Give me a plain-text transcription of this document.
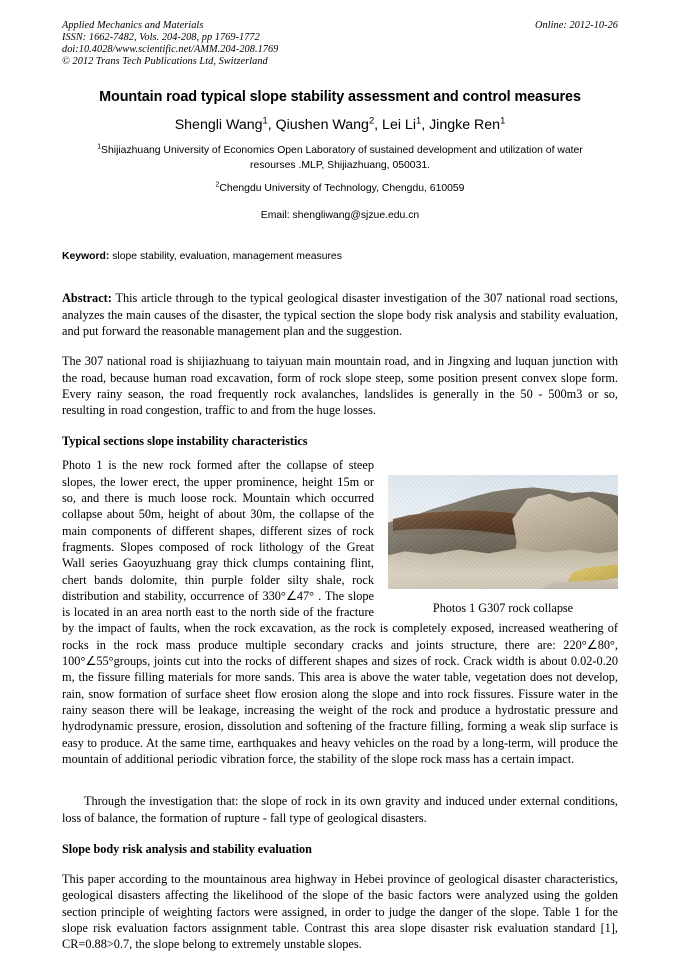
Applied Mechanics and Materials
ISSN: 1662-7482, Vols. 204-208, pp 1769-1772
doi:10.4028/www.scientific.net/AMM.204-208.1769
© 2012 Trans Tech Publications Ltd, Switzerland
Online: 2012-10-26
Mountain road typical slope stability assessment and control measures
Shengli Wang$^1$, Qiushen Wang$^2$, Lei Li$^1$, Jingke Ren$^1$
$^1$Shijiazhuang University of Economics Open Laboratory of sustained development and utilization of water resourses .MLP, Shijiazhuang, 050031.
$^2$Chengdu University of Technology, Chengdu, 610059
Email: shengliwang@sjzue.edu.cn
Keyword: slope stability, evaluation, management measures

Abstract: This article through to the typical geological disaster investigation of the 307 national road sections, analyzes the main causes of the disaster, the typical section the slope body risk analysis and stability evaluation, and put forward the reasonable management plan and the suggestion.

The 307 national road is shijiazhuang to taiyuan main mountain road, and in Jingxing and luquan junction with the road, because human road excavation, form of rock slope steep, some position present convex slope form. Every rainy season, the road frequently rock avalanches, landslides is generally in the 50 - 500m3 or so, resulting in road congestion, traffic to and from the huge losses.

Typical sections slope instability characteristics
Photos 1 G307 rock collapse

Photo 1 is the new rock formed after the collapse of steep slopes, the lower erect, the upper prominence, height 15m or so, and there is much loose rock. Mountain which occurred collapse about 50m, height of about 30m, the collapse of the main components of different shapes, different sizes of rock fragments. Slopes composed of rock lithology of the Great Wall series Gaoyuzhuang gray thick clumps containing flint, chert bands dolomite, thin purple folder silty shale, rock distribution and stability, occurrence of 330°∠47° . The slope is located in an area north east to the north side of the fracture by the impact of faults, when the rock excavation, as the rock is completely exposed, increased weathering of rocks in the rock mass produce multiple secondary cracks and joints structure, there are: 220°∠80°, 100°∠55°groups, joints cut into the rocks of different shapes and sizes of rock. Crack width is about 0.02-0.20 m, the fissure filling materials for more sands. This area is above the water table, vegetation does not develop, rain, snow formation of surface sheet flow erosion along the slope and into rock fissures. Fissure water in the rainy season there will be leakage, increasing the weight of the rock and produce a hydrostatic pressure and hydrodynamic pressure, erosion, dissolution and softening of the fracture filling, forming a weak slip surface is easy to produce. At the same time, earthquakes and heavy vehicles on the road by a long-term, will produce the mountain of additional periodic vibration force, the stability of the slope rock mass has a certain impact.

Through the investigation that: the slope of rock in its own gravity and induced under external conditions, loss of balance, the formation of rupture - fall type of geological disasters.

Slope body risk analysis and stability evaluation

This paper according to the mountainous area highway in Hebei province of geological disaster characteristics, geological disasters affecting the likelihood of the slope of the basic factors were analyzed using the golden section principle of weighting factors were assigned, in order to judge the danger of the slope. Table 1 for the slope risk evaluation factors assignment table. Contrast this area slope disaster risk evaluation standard [1], CR=0.88>0.7, the slope belong to extremely unstable slopes.
